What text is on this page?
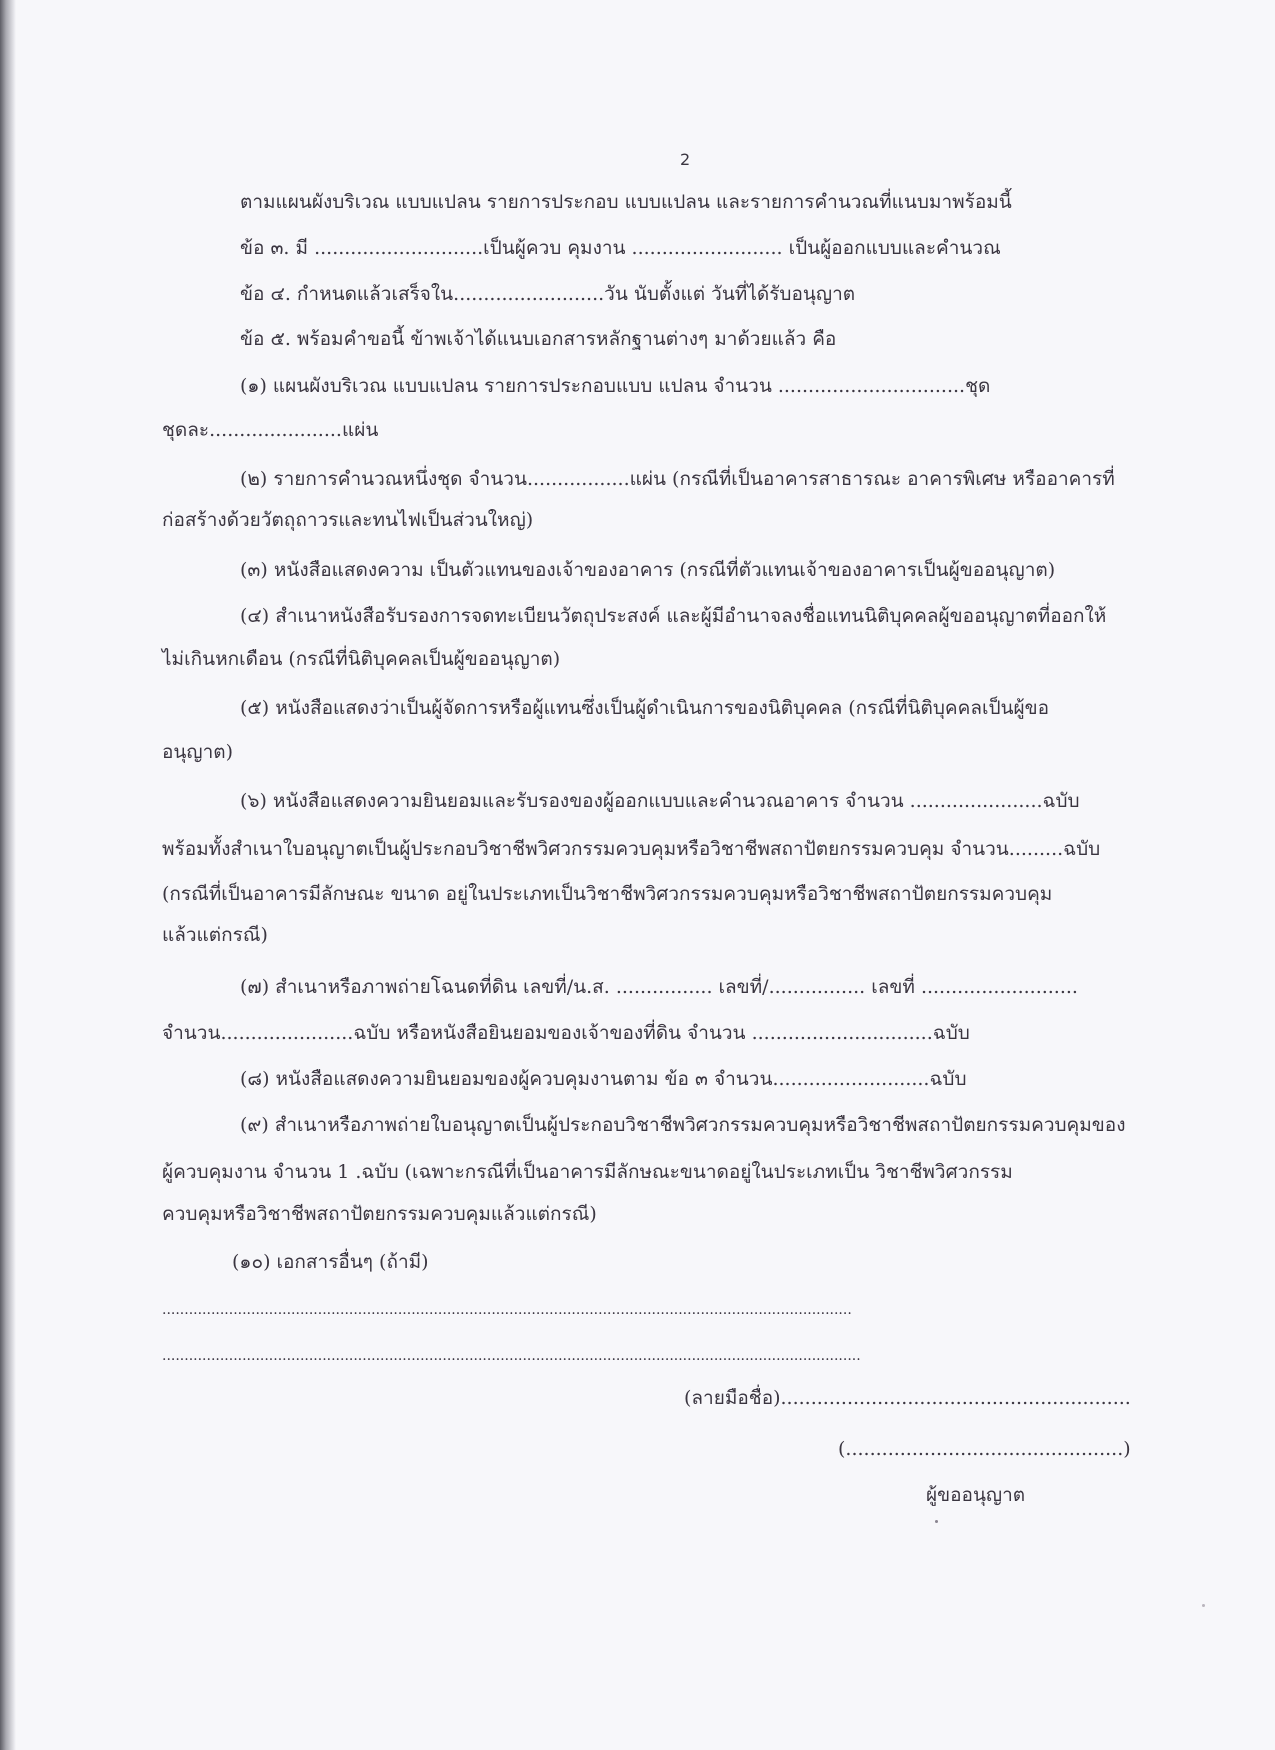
2
ตามแผนผังบริเวณ แบบแปลน รายการประกอบ แบบแปลน และรายการคำนวณที่แนบมาพร้อมนี้
ข้อ ๓. มี ............................เป็นผู้ควบ คุมงาน ......................... เป็นผู้ออกแบบและคำนวณ
ข้อ ๔. กำหนดแล้วเสร็จใน.........................วัน นับตั้งแต่ วันที่ได้รับอนุญาต
ข้อ ๕. พร้อมคำขอนี้ ข้าพเจ้าได้แนบเอกสารหลักฐานต่างๆ มาด้วยแล้ว คือ
(๑) แผนผังบริเวณ แบบแปลน รายการประกอบแบบ แปลน จำนวน ...............................ชุด
ชุดละ......................แผ่น
(๒) รายการคำนวณหนึ่งชุด จำนวน.................แผ่น (กรณีที่เป็นอาคารสาธารณะ อาคารพิเศษ หรืออาคารที่
ก่อสร้างด้วยวัตถุถาวรและทนไฟเป็นส่วนใหญ่)
(๓) หนังสือแสดงความ เป็นตัวแทนของเจ้าของอาคาร (กรณีที่ตัวแทนเจ้าของอาคารเป็นผู้ขออนุญาต)
(๔) สำเนาหนังสือรับรองการจดทะเบียนวัตถุประสงค์ และผู้มีอำนาจลงชื่อแทนนิติบุคคลผู้ขออนุญาตที่ออกให้
ไม่เกินหกเดือน (กรณีที่นิติบุคคลเป็นผู้ขออนุญาต)
(๕) หนังสือแสดงว่าเป็นผู้จัดการหรือผู้แทนซึ่งเป็นผู้ดำเนินการของนิติบุคคล (กรณีที่นิติบุคคลเป็นผู้ขอ
อนุญาต)
(๖) หนังสือแสดงความยินยอมและรับรองของผู้ออกแบบและคำนวณอาคาร จำนวน ......................ฉบับ
พร้อมทั้งสำเนาใบอนุญาตเป็นผู้ประกอบวิชาชีพวิศวกรรมควบคุมหรือวิชาชีพสถาปัตยกรรมควบคุม จำนวน.........ฉบับ
(กรณีที่เป็นอาคารมีลักษณะ ขนาด อยู่ในประเภทเป็นวิชาชีพวิศวกรรมควบคุมหรือวิชาชีพสถาปัตยกรรมควบคุม
แล้วแต่กรณี)
(๗) สำเนาหรือภาพถ่ายโฉนดที่ดิน เลขที่/น.ส. ................ เลขที่/................ เลขที่ ..........................
จำนวน......................ฉบับ หรือหนังสือยินยอมของเจ้าของที่ดิน จำนวน ..............................ฉบับ
(๘) หนังสือแสดงความยินยอมของผู้ควบคุมงานตาม ข้อ ๓ จำนวน..........................ฉบับ
(๙) สำเนาหรือภาพถ่ายใบอนุญาตเป็นผู้ประกอบวิชาชีพวิศวกรรมควบคุมหรือวิชาชีพสถาปัตยกรรมควบคุมของ
ผู้ควบคุมงาน จำนวน 1 .ฉบับ (เฉพาะกรณีที่เป็นอาคารมีลักษณะขนาดอยู่ในประเภทเป็น วิชาชีพวิศวกรรม
ควบคุมหรือวิชาชีพสถาปัตยกรรมควบคุมแล้วแต่กรณี)
(๑๐) เอกสารอื่นๆ (ถ้ามี)
...........................................................................................................................................................
.............................................................................................................................................................
(ลายมือชื่อ)..........................................................
(..............................................)
ผู้ขออนุญาต
